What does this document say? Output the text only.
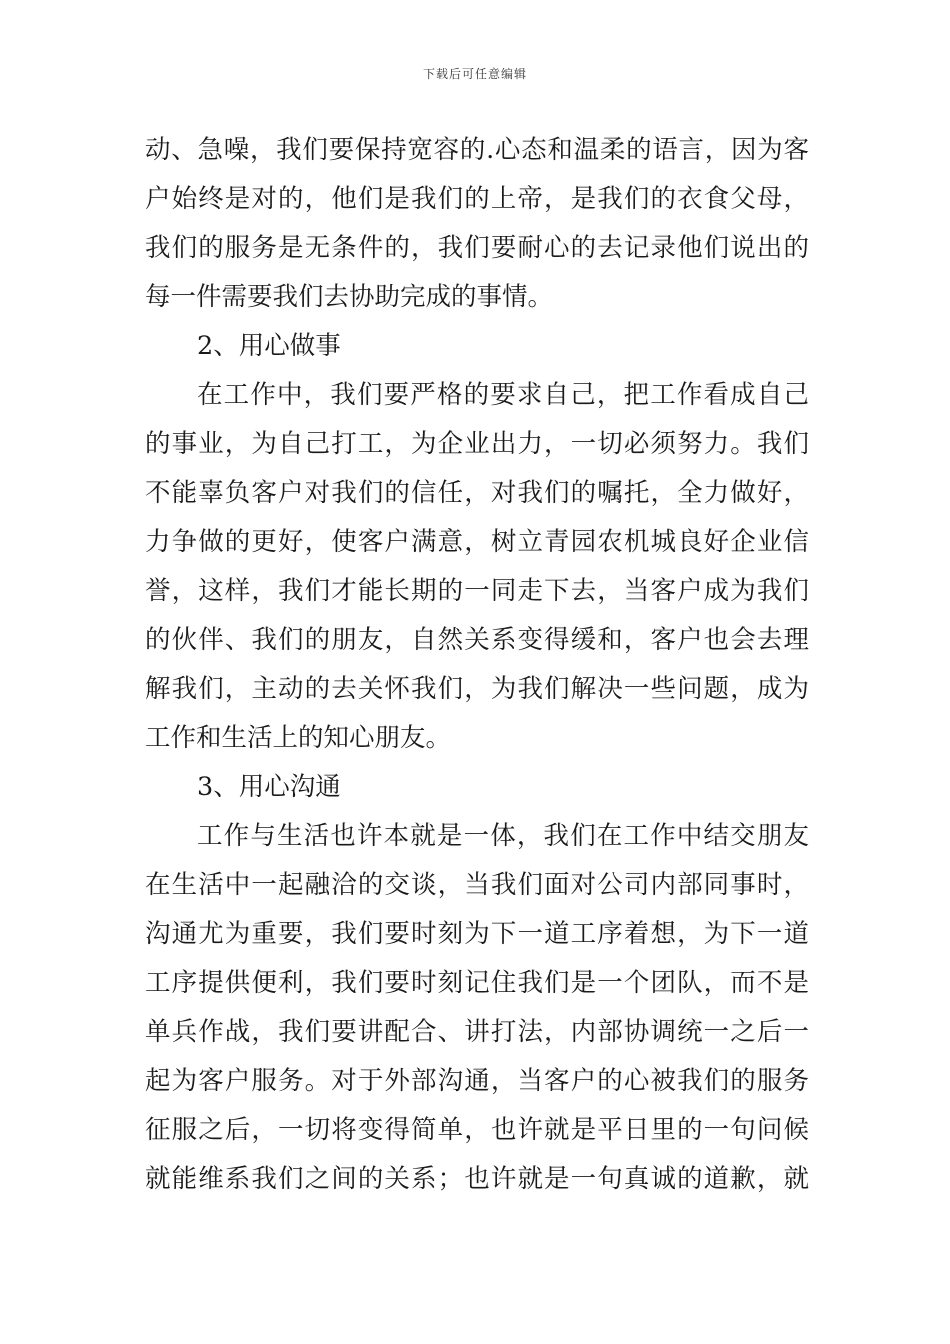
下载后可任意编辑
动、急噪，我们要保持宽容的.心态和温柔的语言，因为客
户始终是对的，他们是我们的上帝，是我们的衣食父母，
我们的服务是无条件的，我们要耐心的去记录他们说出的
每一件需要我们去协助完成的事情。
2、用心做事
在工作中，我们要严格的要求自己，把工作看成自己
的事业，为自己打工，为企业出力，一切必须努力。我们
不能辜负客户对我们的信任，对我们的嘱托，全力做好，
力争做的更好，使客户满意，树立青园农机城良好企业信
誉，这样，我们才能长期的一同走下去，当客户成为我们
的伙伴、我们的朋友，自然关系变得缓和，客户也会去理
解我们，主动的去关怀我们，为我们解决一些问题，成为
工作和生活上的知心朋友。
3、用心沟通
工作与生活也许本就是一体，我们在工作中结交朋友
在生活中一起融洽的交谈，当我们面对公司内部同事时，
沟通尤为重要，我们要时刻为下一道工序着想，为下一道
工序提供便利，我们要时刻记住我们是一个团队，而不是
单兵作战，我们要讲配合、讲打法，内部协调统一之后一
起为客户服务。对于外部沟通，当客户的心被我们的服务
征服之后，一切将变得简单，也许就是平日里的一句问候
就能维系我们之间的关系；也许就是一句真诚的道歉，就
